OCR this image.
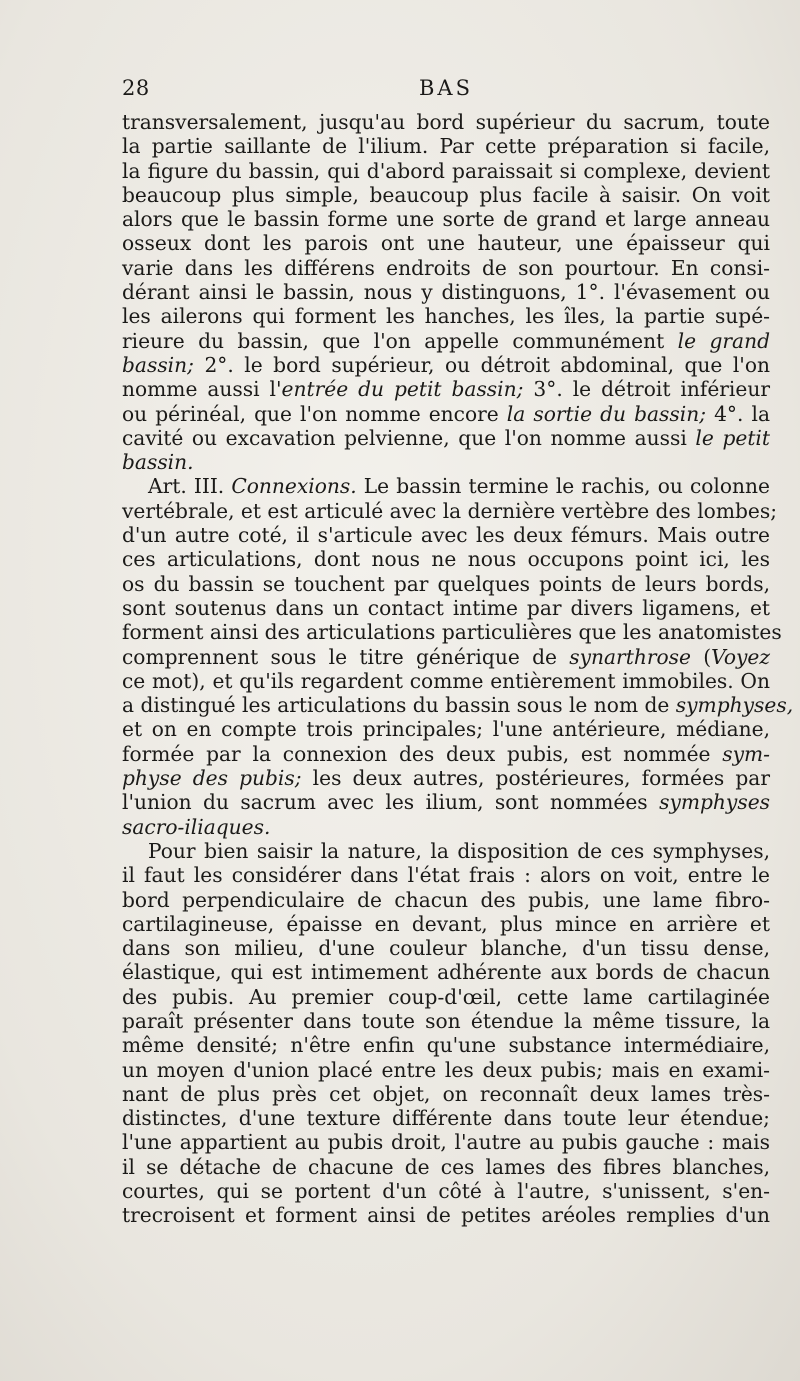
28	BAS
transversalement, jusqu'au bord supérieur du sacrum, toute
la partie saillante de l'ilium. Par cette préparation si facile,
la figure du bassin, qui d'abord paraissait si complexe, devient
beaucoup plus simple, beaucoup plus facile à saisir. On voit
alors que le bassin forme une sorte de grand et large anneau
osseux dont les parois ont une hauteur, une épaisseur qui
varie dans les différens endroits de son pourtour. En consi-
dérant ainsi le bassin, nous y distinguons, 1°. l'évasement ou
les ailerons qui forment les hanches, les îles, la partie supé-
rieure du bassin, que l'on appelle communément le grand
bassin; 2°. le bord supérieur, ou détroit abdominal, que l'on
nomme aussi l'entrée du petit bassin; 3°. le détroit inférieur
ou périnéal, que l'on nomme encore la sortie du bassin; 4°. la
cavité ou excavation pelvienne, que l'on nomme aussi le petit
bassin.
Art. III. Connexions. Le bassin termine le rachis, ou colonne
vertébrale, et est articulé avec la dernière vertèbre des lombes;
d'un autre coté, il s'articule avec les deux fémurs. Mais outre
ces articulations, dont nous ne nous occupons point ici, les
os du bassin se touchent par quelques points de leurs bords,
sont soutenus dans un contact intime par divers ligamens, et
forment ainsi des articulations particulières que les anatomistes
comprennent sous le titre générique de synarthrose (Voyez
ce mot), et qu'ils regardent comme entièrement immobiles. On
a distingué les articulations du bassin sous le nom de symphyses,
et on en compte trois principales; l'une antérieure, médiane,
formée par la connexion des deux pubis, est nommée sym-
physe des pubis; les deux autres, postérieures, formées par
l'union du sacrum avec les ilium, sont nommées symphyses
sacro-iliaques.
Pour bien saisir la nature, la disposition de ces symphyses,
il faut les considérer dans l'état frais : alors on voit, entre le
bord perpendiculaire de chacun des pubis, une lame fibro-
cartilagineuse, épaisse en devant, plus mince en arrière et
dans son milieu, d'une couleur blanche, d'un tissu dense,
élastique, qui est intimement adhérente aux bords de chacun
des pubis. Au premier coup-d'œil, cette lame cartilaginée
paraît présenter dans toute son étendue la même tissure, la
même densité; n'être enfin qu'une substance intermédiaire,
un moyen d'union placé entre les deux pubis; mais en exami-
nant de plus près cet objet, on reconnaît deux lames très-
distinctes, d'une texture différente dans toute leur étendue;
l'une appartient au pubis droit, l'autre au pubis gauche : mais
il se détache de chacune de ces lames des fibres blanches,
courtes, qui se portent d'un côté à l'autre, s'unissent, s'en-
trecroisent et forment ainsi de petites aréoles remplies d'un
